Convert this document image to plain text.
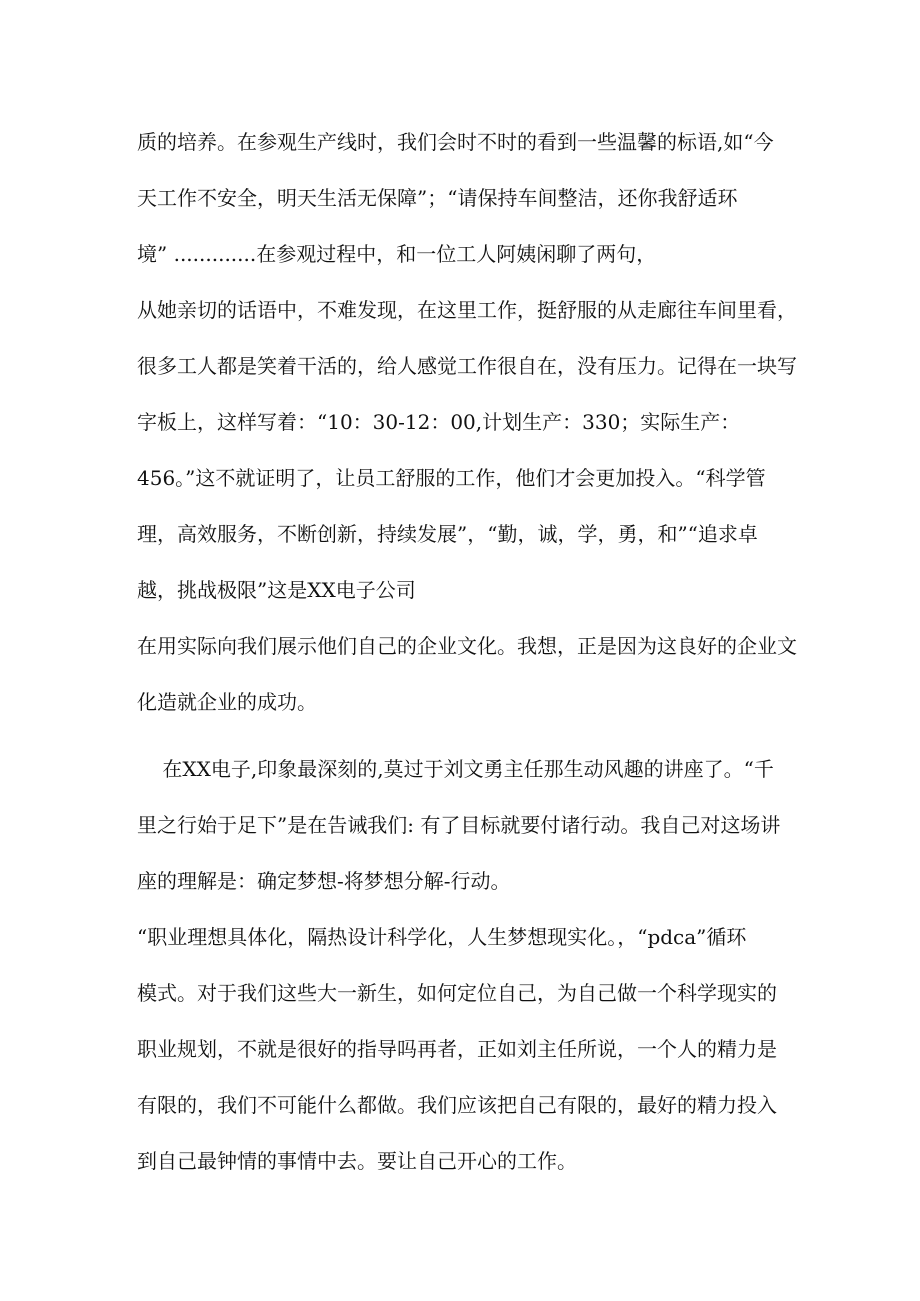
质的培养。在参观生产线时，我们会时不时的看到一些温馨的标语,如“今
天工作不安全，明天生活无保障”；“请保持车间整洁，还你我舒适环
境” .............在参观过程中，和一位工人阿姨闲聊了两句，
从她亲切的话语中，不难发现，在这里工作，挺舒服的从走廊往车间里看，
很多工人都是笑着干活的，给人感觉工作很自在，没有压力。记得在一块写
字板上，这样写着：“10：30-12：00,计划生产：330；实际生产：
456。”这不就证明了，让员工舒服的工作，他们才会更加投入。“科学管
理，高效服务，不断创新，持续发展”，“勤，诚，学，勇，和”“追求卓
越，挑战极限”这是XX电子公司
在用实际向我们展示他们自己的企业文化。我想，正是因为这良好的企业文
化造就企业的成功。
在XX电子,印象最深刻的,莫过于刘文勇主任那生动风趣的讲座了。“千
里之行始于足下”是在告诫我们: 有了目标就要付诸行动。我自己对这场讲
座的理解是：确定梦想-将梦想分解-行动。
“职业理想具体化，隔热设计科学化，人生梦想现实化。，“pdca”循环
模式。对于我们这些大一新生，如何定位自己，为自己做一个科学现实的
职业规划，不就是很好的指导吗再者，正如刘主任所说，一个人的精力是
有限的，我们不可能什么都做。我们应该把自己有限的，最好的精力投入
到自己最钟情的事情中去。要让自己开心的工作。
